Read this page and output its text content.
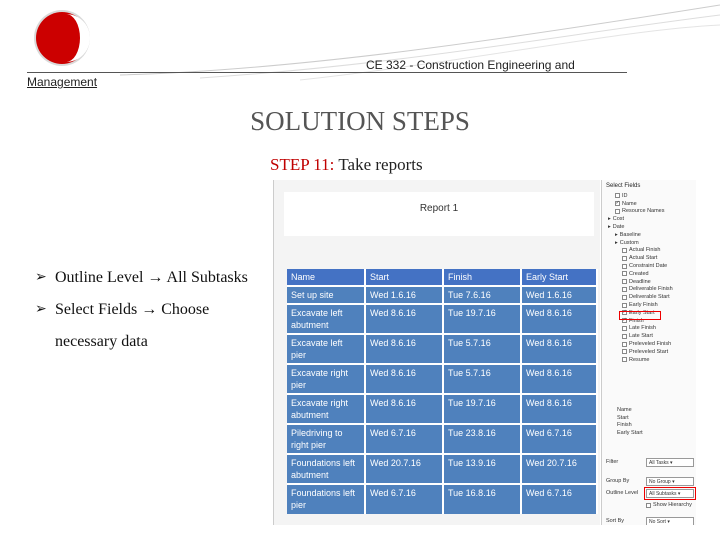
CE 332 - Construction Engineering and
Management
SOLUTION STEPS
STEP 11: Take reports
➢ Outline Level → All Subtasks
➢ Select Fields → Choose necessary data
Report 1
Name	Start	Finish	Early Start
Set up site	Wed 1.6.16	Tue 7.6.16	Wed 1.6.16
Excavate left abutment	Wed 8.6.16	Tue 19.7.16	Wed 8.6.16
Excavate left pier	Wed 8.6.16	Tue 5.7.16	Wed 8.6.16
Excavate right pier	Wed 8.6.16	Tue 5.7.16	Wed 8.6.16
Excavate right abutment	Wed 8.6.16	Tue 19.7.16	Wed 8.6.16
Piledriving to right pier	Wed 6.7.16	Tue 23.8.16	Wed 6.7.16
Foundations left abutment	Wed 20.7.16	Tue 13.9.16	Wed 20.7.16
Foundations left pier	Wed 6.7.16	Tue 16.8.16	Wed 6.7.16
Select Fields
ID
✓
Name
Resource Names
▸ Cost
▸ Date
▸ Baseline
▸ Custom
Actual Finish
Actual Start
Constraint Date
Created
Deadline
Deliverable Finish
Deliverable Start
Early Finish
✓
Early Start
✓
Finish
Late Finish
Late Start
Preleveled Finish
Preleveled Start
Resume
Name
Start
Finish
Early Start
Filter	All Tasks ▾
Group By	No Group ▾
Outline Level	All Subtasks ▾
Show Hierarchy
Sort By	No Sort ▾
